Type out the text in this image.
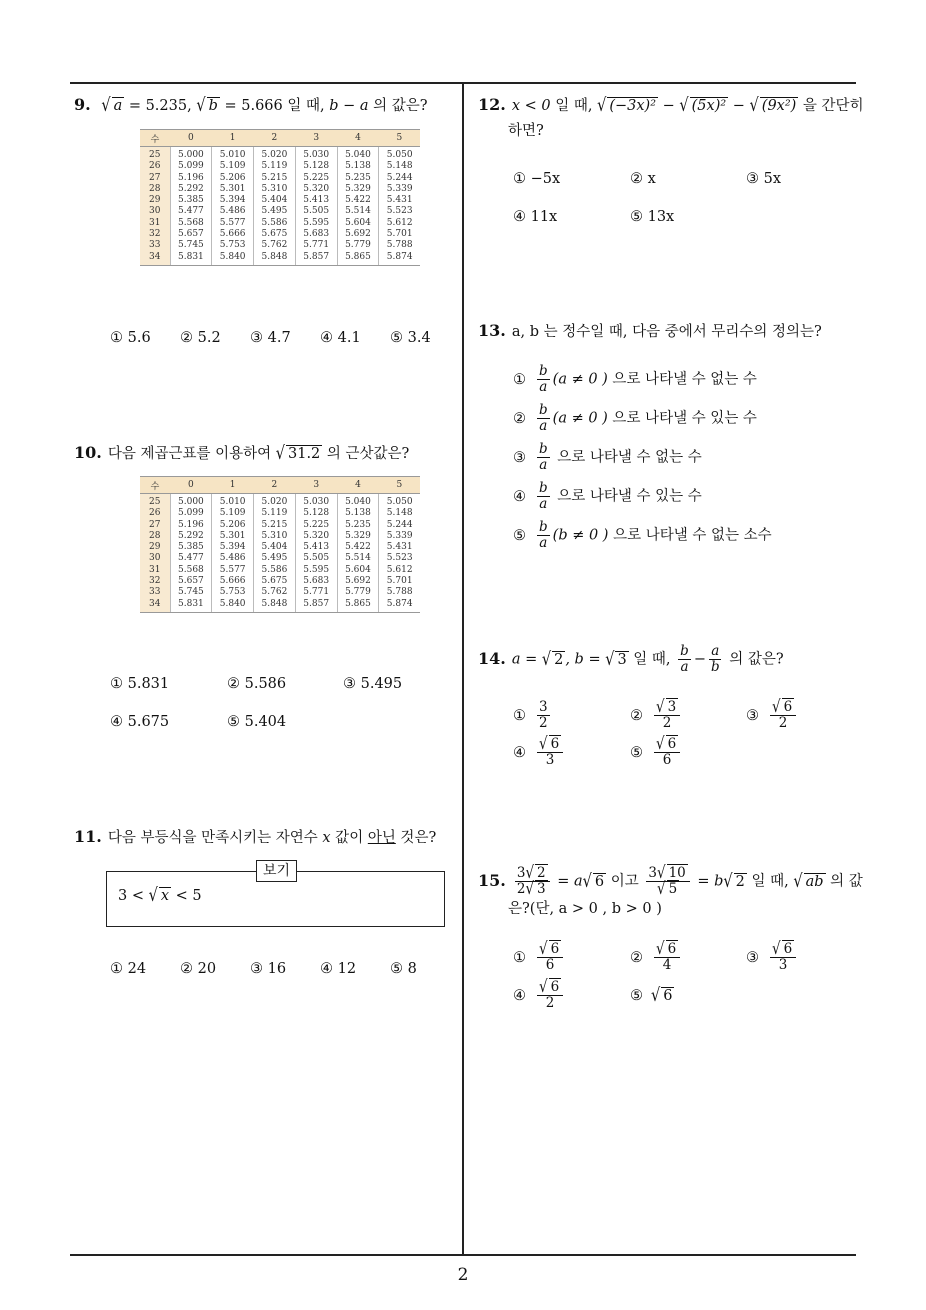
2
9. √ a = 5.235, √ b = 5.666 일 때, b − a 의 값은?
수	0	1	2	3	4	5
25	5.000	5.010	5.020	5.030	5.040	5.050
26	5.099	5.109	5.119	5.128	5.138	5.148
27	5.196	5.206	5.215	5.225	5.235	5.244
28	5.292	5.301	5.310	5.320	5.329	5.339
29	5.385	5.394	5.404	5.413	5.422	5.431
30	5.477	5.486	5.495	5.505	5.514	5.523
31	5.568	5.577	5.586	5.595	5.604	5.612
32	5.657	5.666	5.675	5.683	5.692	5.701
33	5.745	5.753	5.762	5.771	5.779	5.788
34	5.831	5.840	5.848	5.857	5.865	5.874
① 5.6 ② 5.2 ③ 4.7 ④ 4.1 ⑤ 3.4
10. 다음 제곱근표를 이용하여 √ 31.2 의 근삿값은?
수	0	1	2	3	4	5
25	5.000	5.010	5.020	5.030	5.040	5.050
26	5.099	5.109	5.119	5.128	5.138	5.148
27	5.196	5.206	5.215	5.225	5.235	5.244
28	5.292	5.301	5.310	5.320	5.329	5.339
29	5.385	5.394	5.404	5.413	5.422	5.431
30	5.477	5.486	5.495	5.505	5.514	5.523
31	5.568	5.577	5.586	5.595	5.604	5.612
32	5.657	5.666	5.675	5.683	5.692	5.701
33	5.745	5.753	5.762	5.771	5.779	5.788
34	5.831	5.840	5.848	5.857	5.865	5.874
① 5.831	② 5.586	③ 5.495
④ 5.675	⑤ 5.404
11. 다음 부등식을 만족시키는 자연수 x 값이 아닌 것은?
보기
3 < √ x < 5
① 24 ② 20 ③ 16 ④ 12 ⑤ 8
12. x < 0 일 때, √ (−3x)² − √ (5x)² − √ (9x²) 을 간단히
하면?
① −5x	② x	③ 5x
④ 11x	⑤ 13x
13. a, b 는 정수일 때, 다음 중에서 무리수의 정의는?
① $\frac{b}{a} (a \ne 0$ ) 으로 나타낼 수 없는 수
② $\frac{b}{a} (a \ne 0$ ) 으로 나타낼 수 있는 수
③ $\frac{b}{a}$ 으로 나타낼 수 없는 수
④ $\frac{b}{a}$ 으로 나타낼 수 있는 수
⑤ $\frac{b}{a} (b \ne 0$ ) 으로 나타낼 수 없는 소수
14. a = √ 2 , b = √ 3 일 때, $\frac{b}{a} - \frac{a}{b}$ 의 값은?
① $\frac{3}{2}$	② $\frac{√ 3}{2}$	③ $\frac{√ 6}{2}$
④ $\frac{√ 6}{3}$	⑤ $\frac{√ 6}{6}$
15. $\frac{3√ 2}{2√ 3} = a√$ 6 이고 $\frac{3√ 10}{√ 5} = b√$ 2 일 때, √ ab 의 값
은?(단, a > 0 , b > 0 )
① $\frac{√ 6}{6}$	② $\frac{√ 6}{4}$	③ $\frac{√ 6}{3}$
④ $\frac{√ 6}{2}$	⑤ √ 6
